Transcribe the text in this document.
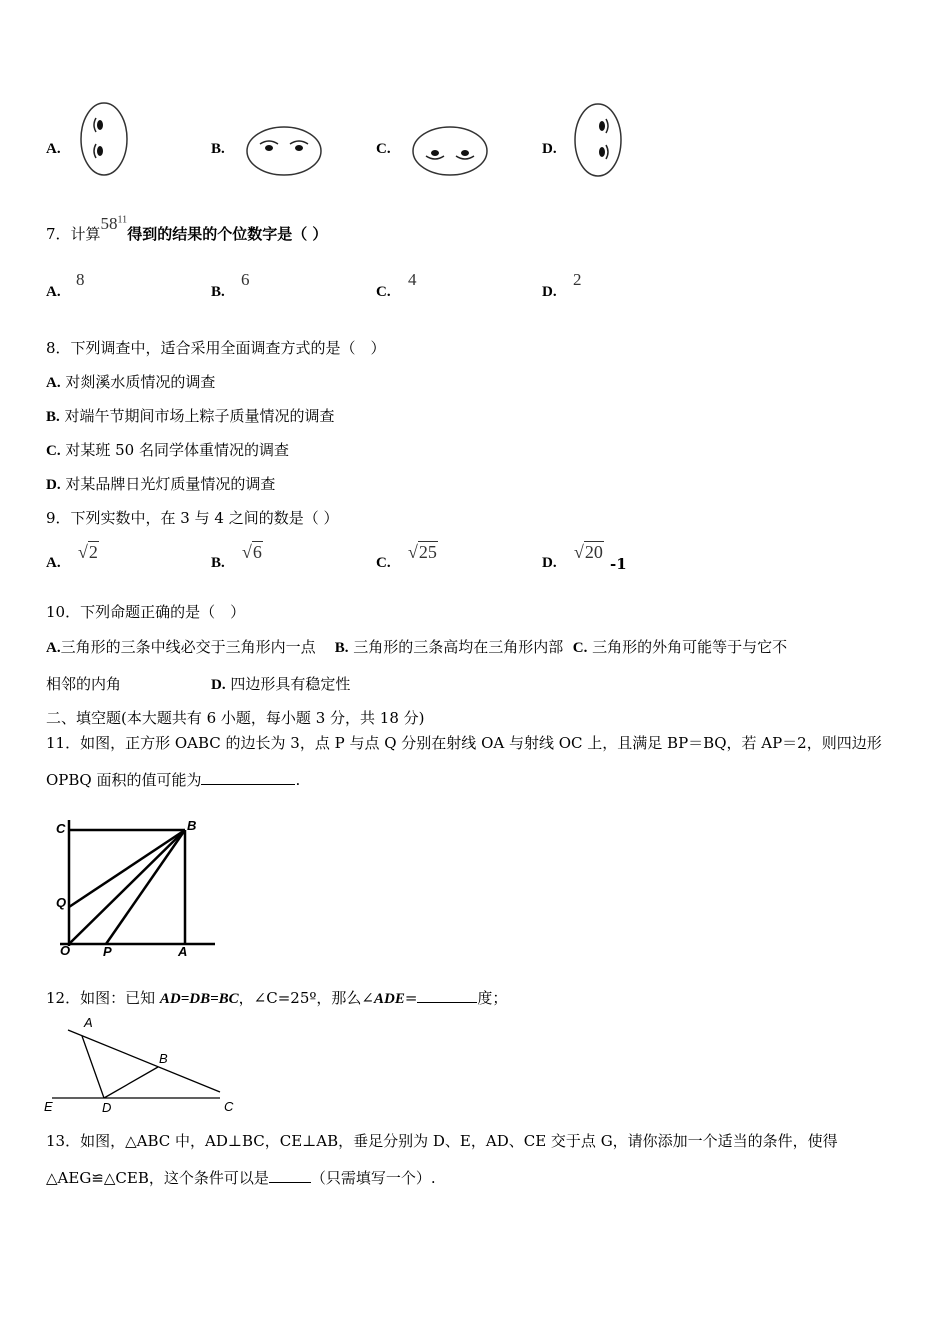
A.	B.	C.	D.
7．计算$58^{11}$得到的结果的个位数字是（ ）
A.
8
B.
6
C.
4
D.
2
8．下列调查中，适合采用全面调查方式的是（　）
A. 对剡溪水质情况的调查
B. 对端午节期间市场上粽子质量情况的调查
C. 对某班 50 名同学体重情况的调查
D. 对某品牌日光灯质量情况的调查
9．下列实数中，在 3 与 4 之间的数是（ ）
A.
√2
B.
√6
C.
√25
D.
√20
-1
10．下列命题正确的是（　）
A.三角形的三条中线必交于三角形内一点 B. 三角形的三条高均在三角形内部 C. 三角形的外角可能等于与它不
相邻的内角	D. 四边形具有稳定性
二、填空题(本大题共有 6 小题，每小题 3 分，共 18 分)
11．如图，正方形 OABC 的边长为 3，点 P 与点 Q 分别在射线 OA 与射线 OC 上，且满足 BP＝BQ，若 AP＝2，则四边形
OPBQ 面积的值可能为	.
C	B
Q
O	P	A
12．如图：已知 AD=DB=BC，∠C=25º，那么∠ADE=	度；
A
B
E	D	C
13．如图，△ABC 中，AD⊥BC，CE⊥AB，垂足分别为 D、E，AD、CE 交于点 G，请你添加一个适当的条件，使得
△AEG≌△CEB，这个条件可以是	（只需填写一个）.
